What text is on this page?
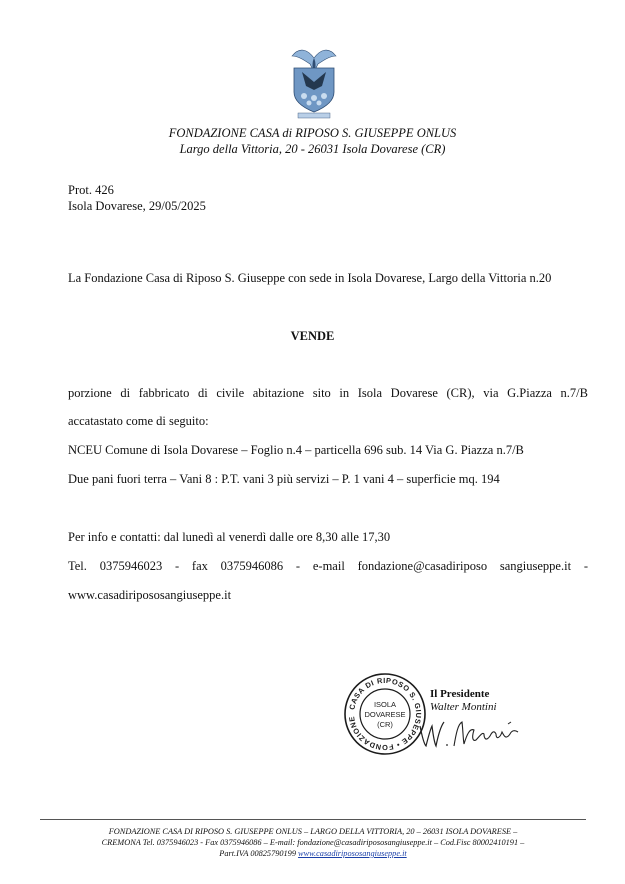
FONDAZIONE CASA di RIPOSO S. GIUSEPPE ONLUS
Largo della Vittoria, 20 - 26031 Isola Dovarese (CR)
Prot. 426
Isola Dovarese, 29/05/2025
La Fondazione Casa di Riposo S. Giuseppe con sede in Isola Dovarese, Largo della Vittoria n.20
VENDE
porzione di fabbricato di civile abitazione sito in Isola Dovarese (CR), via G.Piazza n.7/B
accatastato come di seguito:
NCEU Comune di Isola Dovarese – Foglio n.4 – particella 696 sub. 14 Via G. Piazza n.7/B
Due pani fuori terra – Vani 8 : P.T. vani 3 più servizi – P. 1 vani 4 – superficie mq. 194
Per info e contatti: dal lunedì al venerdì dalle ore 8,30 alle 17,30
Tel. 0375946023 - fax 0375946086 - e-mail fondazione@casadiriposo sangiuseppe.it -
www.casadiripososangiuseppe.it
CASA DI RIPOSO S. GIUSEPPE • FONDAZIONE
ISOLA
DOVARESE
(CR)
Il Presidente
Walter Montini
FONDAZIONE CASA DI RIPOSO S. GIUSEPPE ONLUS – LARGO DELLA VITTORIA, 20 – 26031 ISOLA DOVARESE –
CREMONA Tel. 0375946023 - Fax 0375946086 – E-mail: fondazione@casadiripososangiuseppe.it – Cod.Fisc 80002410191 –
Part.IVA 00825790199 www.casadiripososangiuseppe.it
